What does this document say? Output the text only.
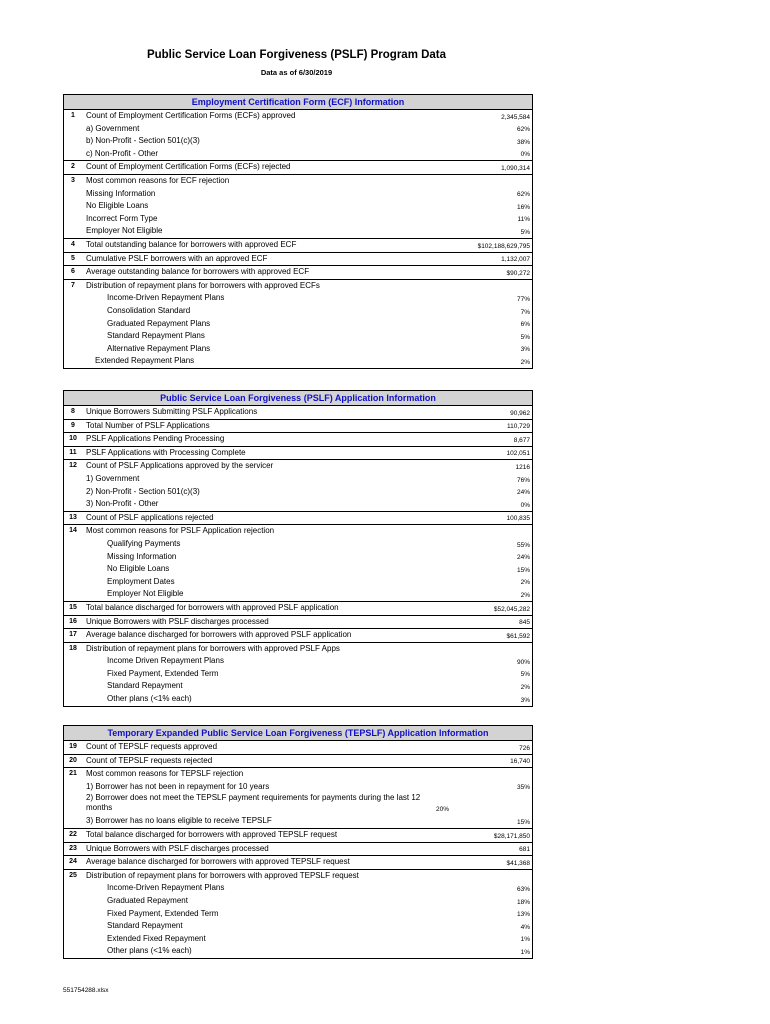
Public Service Loan Forgiveness (PSLF) Program Data
Data as of 6/30/2019
Employment Certification Form (ECF) Information
1	Count of Employment Certification Forms (ECFs) approved	2,345,584
a) Government	62%
b) Non-Profit - Section 501(c)(3)	38%
c) Non-Profit - Other	0%
2	Count of Employment Certification Forms (ECFs) rejected	1,090,314
3	Most common reasons for ECF rejection
Missing Information	62%
No Eligible Loans	16%
Incorrect Form Type	11%
Employer Not Eligible	5%
4	Total outstanding balance for borrowers with approved ECF	$102,188,629,795
5	Cumulative PSLF borrowers with an approved ECF	1,132,007
6	Average outstanding balance for borrowers with approved ECF	$90,272
7	Distribution of repayment plans for borrowers with approved ECFs
Income-Driven Repayment Plans	77%
Consolidation Standard	7%
Graduated Repayment Plans	6%
Standard Repayment Plans	5%
Alternative Repayment Plans	3%
Extended Repayment Plans	2%
Public Service Loan Forgiveness (PSLF) Application Information
8	Unique Borrowers Submitting PSLF Applications	90,962
9	Total Number of PSLF Applications	110,729
10	PSLF Applications Pending Processing	8,677
11	PSLF Applications with Processing Complete	102,051
12	Count of PSLF Applications approved by the servicer	1216
1) Government	76%
2) Non-Profit - Section 501(c)(3)	24%
3) Non-Profit - Other	0%
13	Count of PSLF applications rejected	100,835
14	Most common reasons for PSLF Application rejection
Qualifying Payments	55%
Missing Information	24%
No Eligible Loans	15%
Employment Dates	2%
Employer Not Eligible	2%
15	Total balance discharged for borrowers with approved PSLF application	$52,045,282
16	Unique Borrowers with PSLF discharges processed	845
17	Average balance discharged for borrowers with approved PSLF application	$61,592
18	Distribution of repayment plans for borrowers with approved PSLF Apps
Income Driven Repayment Plans	90%
Fixed Payment, Extended Term	5%
Standard Repayment	2%
Other plans (<1% each)	3%
Temporary Expanded Public Service Loan Forgiveness (TEPSLF) Application Information
19	Count of TEPSLF requests approved	726
20	Count of TEPSLF requests rejected	16,740
21	Most common reasons for TEPSLF rejection
1) Borrower has not been in repayment for 10 years	35%
2) Borrower does not meet the TEPSLF payment requirements for payments during the last 12 months	20%
3) Borrower has no loans eligible to receive TEPSLF	15%
22	Total balance discharged for borrowers with approved TEPSLF request	$28,171,850
23	Unique Borrowers with PSLF discharges processed	681
24	Average balance discharged for borrowers with approved TEPSLF request	$41,368
25	Distribution of repayment plans for borrowers with approved TEPSLF request
Income-Driven Repayment Plans	63%
Graduated Repayment	18%
Fixed Payment, Extended Term	13%
Standard Repayment	4%
Extended Fixed Repayment	1%
Other plans (<1% each)	1%
551754288.xlsx
